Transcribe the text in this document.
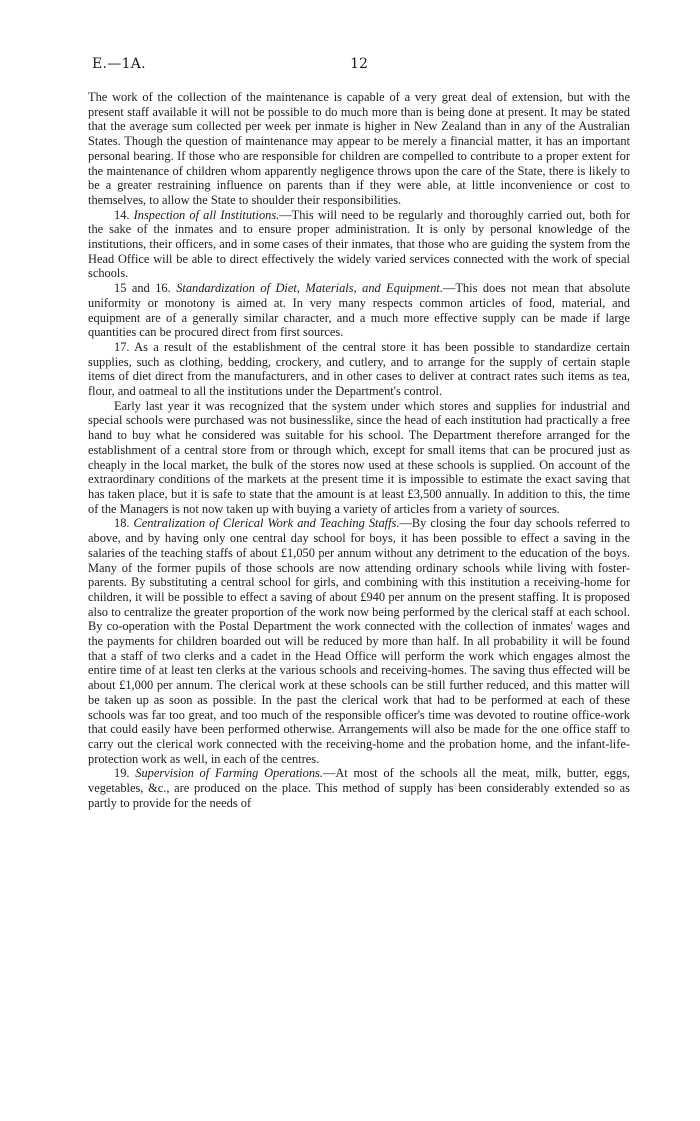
E.—1A.	12

The work of the collection of the maintenance is capable of a very great deal of extension, but with the present staff available it will not be possible to do much more than is being done at present. It may be stated that the average sum collected per week per inmate is higher in New Zealand than in any of the Australian States. Though the question of maintenance may appear to be merely a financial matter, it has an important personal bearing. If those who are responsible for children are compelled to contribute to a proper extent for the maintenance of children whom apparently negligence throws upon the care of the State, there is likely to be a greater restraining influence on parents than if they were able, at little inconvenience or cost to themselves, to allow the State to shoulder their responsibilities.

14. Inspection of all Institutions.—This will need to be regularly and thoroughly carried out, both for the sake of the inmates and to ensure proper administration. It is only by personal knowledge of the institutions, their officers, and in some cases of their inmates, that those who are guiding the system from the Head Office will be able to direct effectively the widely varied services connected with the work of special schools.

15 and 16. Standardization of Diet, Materials, and Equipment.—This does not mean that absolute uniformity or monotony is aimed at. In very many respects common articles of food, material, and equipment are of a generally similar character, and a much more effective supply can be made if large quantities can be procured direct from first sources.

17. As a result of the establishment of the central store it has been possible to standardize certain supplies, such as clothing, bedding, crockery, and cutlery, and to arrange for the supply of certain staple items of diet direct from the manufacturers, and in other cases to deliver at contract rates such items as tea, flour, and oatmeal to all the institutions under the Department's control.

Early last year it was recognized that the system under which stores and supplies for industrial and special schools were purchased was not businesslike, since the head of each institution had practically a free hand to buy what he considered was suitable for his school. The Department therefore arranged for the establishment of a central store from or through which, except for small items that can be procured just as cheaply in the local market, the bulk of the stores now used at these schools is supplied. On account of the extraordinary conditions of the markets at the present time it is impossible to estimate the exact saving that has taken place, but it is safe to state that the amount is at least £3,500 annually. In addition to this, the time of the Managers is not now taken up with buying a variety of articles from a variety of sources.

18. Centralization of Clerical Work and Teaching Staffs.—By closing the four day schools referred to above, and by having only one central day school for boys, it has been possible to effect a saving in the salaries of the teaching staffs of about £1,050 per annum without any detriment to the education of the boys. Many of the former pupils of those schools are now attending ordinary schools while living with foster-parents. By substituting a central school for girls, and combining with this institution a receiving-home for children, it will be possible to effect a saving of about £940 per annum on the present staffing. It is proposed also to centralize the greater proportion of the work now being performed by the clerical staff at each school. By co-operation with the Postal Department the work connected with the collection of inmates' wages and the payments for children boarded out will be reduced by more than half. In all probability it will be found that a staff of two clerks and a cadet in the Head Office will perform the work which engages almost the entire time of at least ten clerks at the various schools and receiving-homes. The saving thus effected will be about £1,000 per annum. The clerical work at these schools can be still further reduced, and this matter will be taken up as soon as possible. In the past the clerical work that had to be performed at each of these schools was far too great, and too much of the responsible officer's time was devoted to routine office-work that could easily have been performed otherwise. Arrangements will also be made for the one office staff to carry out the clerical work connected with the receiving-home and the probation home, and the infant-life-protection work as well, in each of the centres.

19. Supervision of Farming Operations.—At most of the schools all the meat, milk, butter, eggs, vegetables, &c., are produced on the place. This method of supply has been considerably extended so as partly to provide for the needs of
